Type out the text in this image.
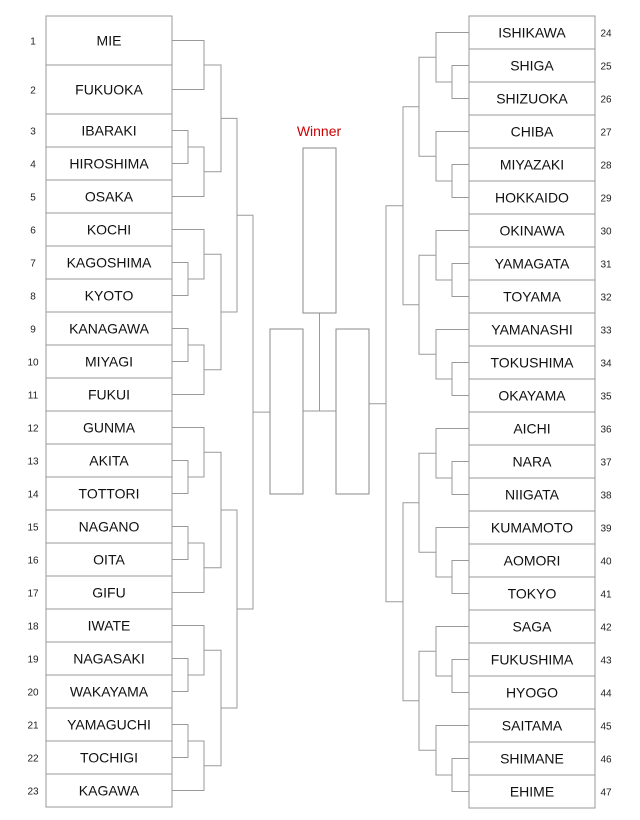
MIE
1
FUKUOKA
2
IBARAKI
3
HIROSHIMA
4
OSAKA
5
KOCHI
6
KAGOSHIMA
7
KYOTO
8
KANAGAWA
9
MIYAGI
10
FUKUI
11
GUNMA
12
AKITA
13
TOTTORI
14
NAGANO
15
OITA
16
GIFU
17
IWATE
18
NAGASAKI
19
WAKAYAMA
20
YAMAGUCHI
21
TOCHIGI
22
KAGAWA
23
ISHIKAWA	24
SHIGA	25
SHIZUOKA	26
CHIBA	27
MIYAZAKI	28
HOKKAIDO	29
OKINAWA	30
YAMAGATA	31
TOYAMA	32
YAMANASHI	33
TOKUSHIMA	34
OKAYAMA	35
AICHI	36
NARA	37
NIIGATA	38
KUMAMOTO	39
AOMORI	40
TOKYO	41
SAGA	42
FUKUSHIMA	43
HYOGO	44
SAITAMA	45
SHIMANE	46
EHIME	47
Winner
